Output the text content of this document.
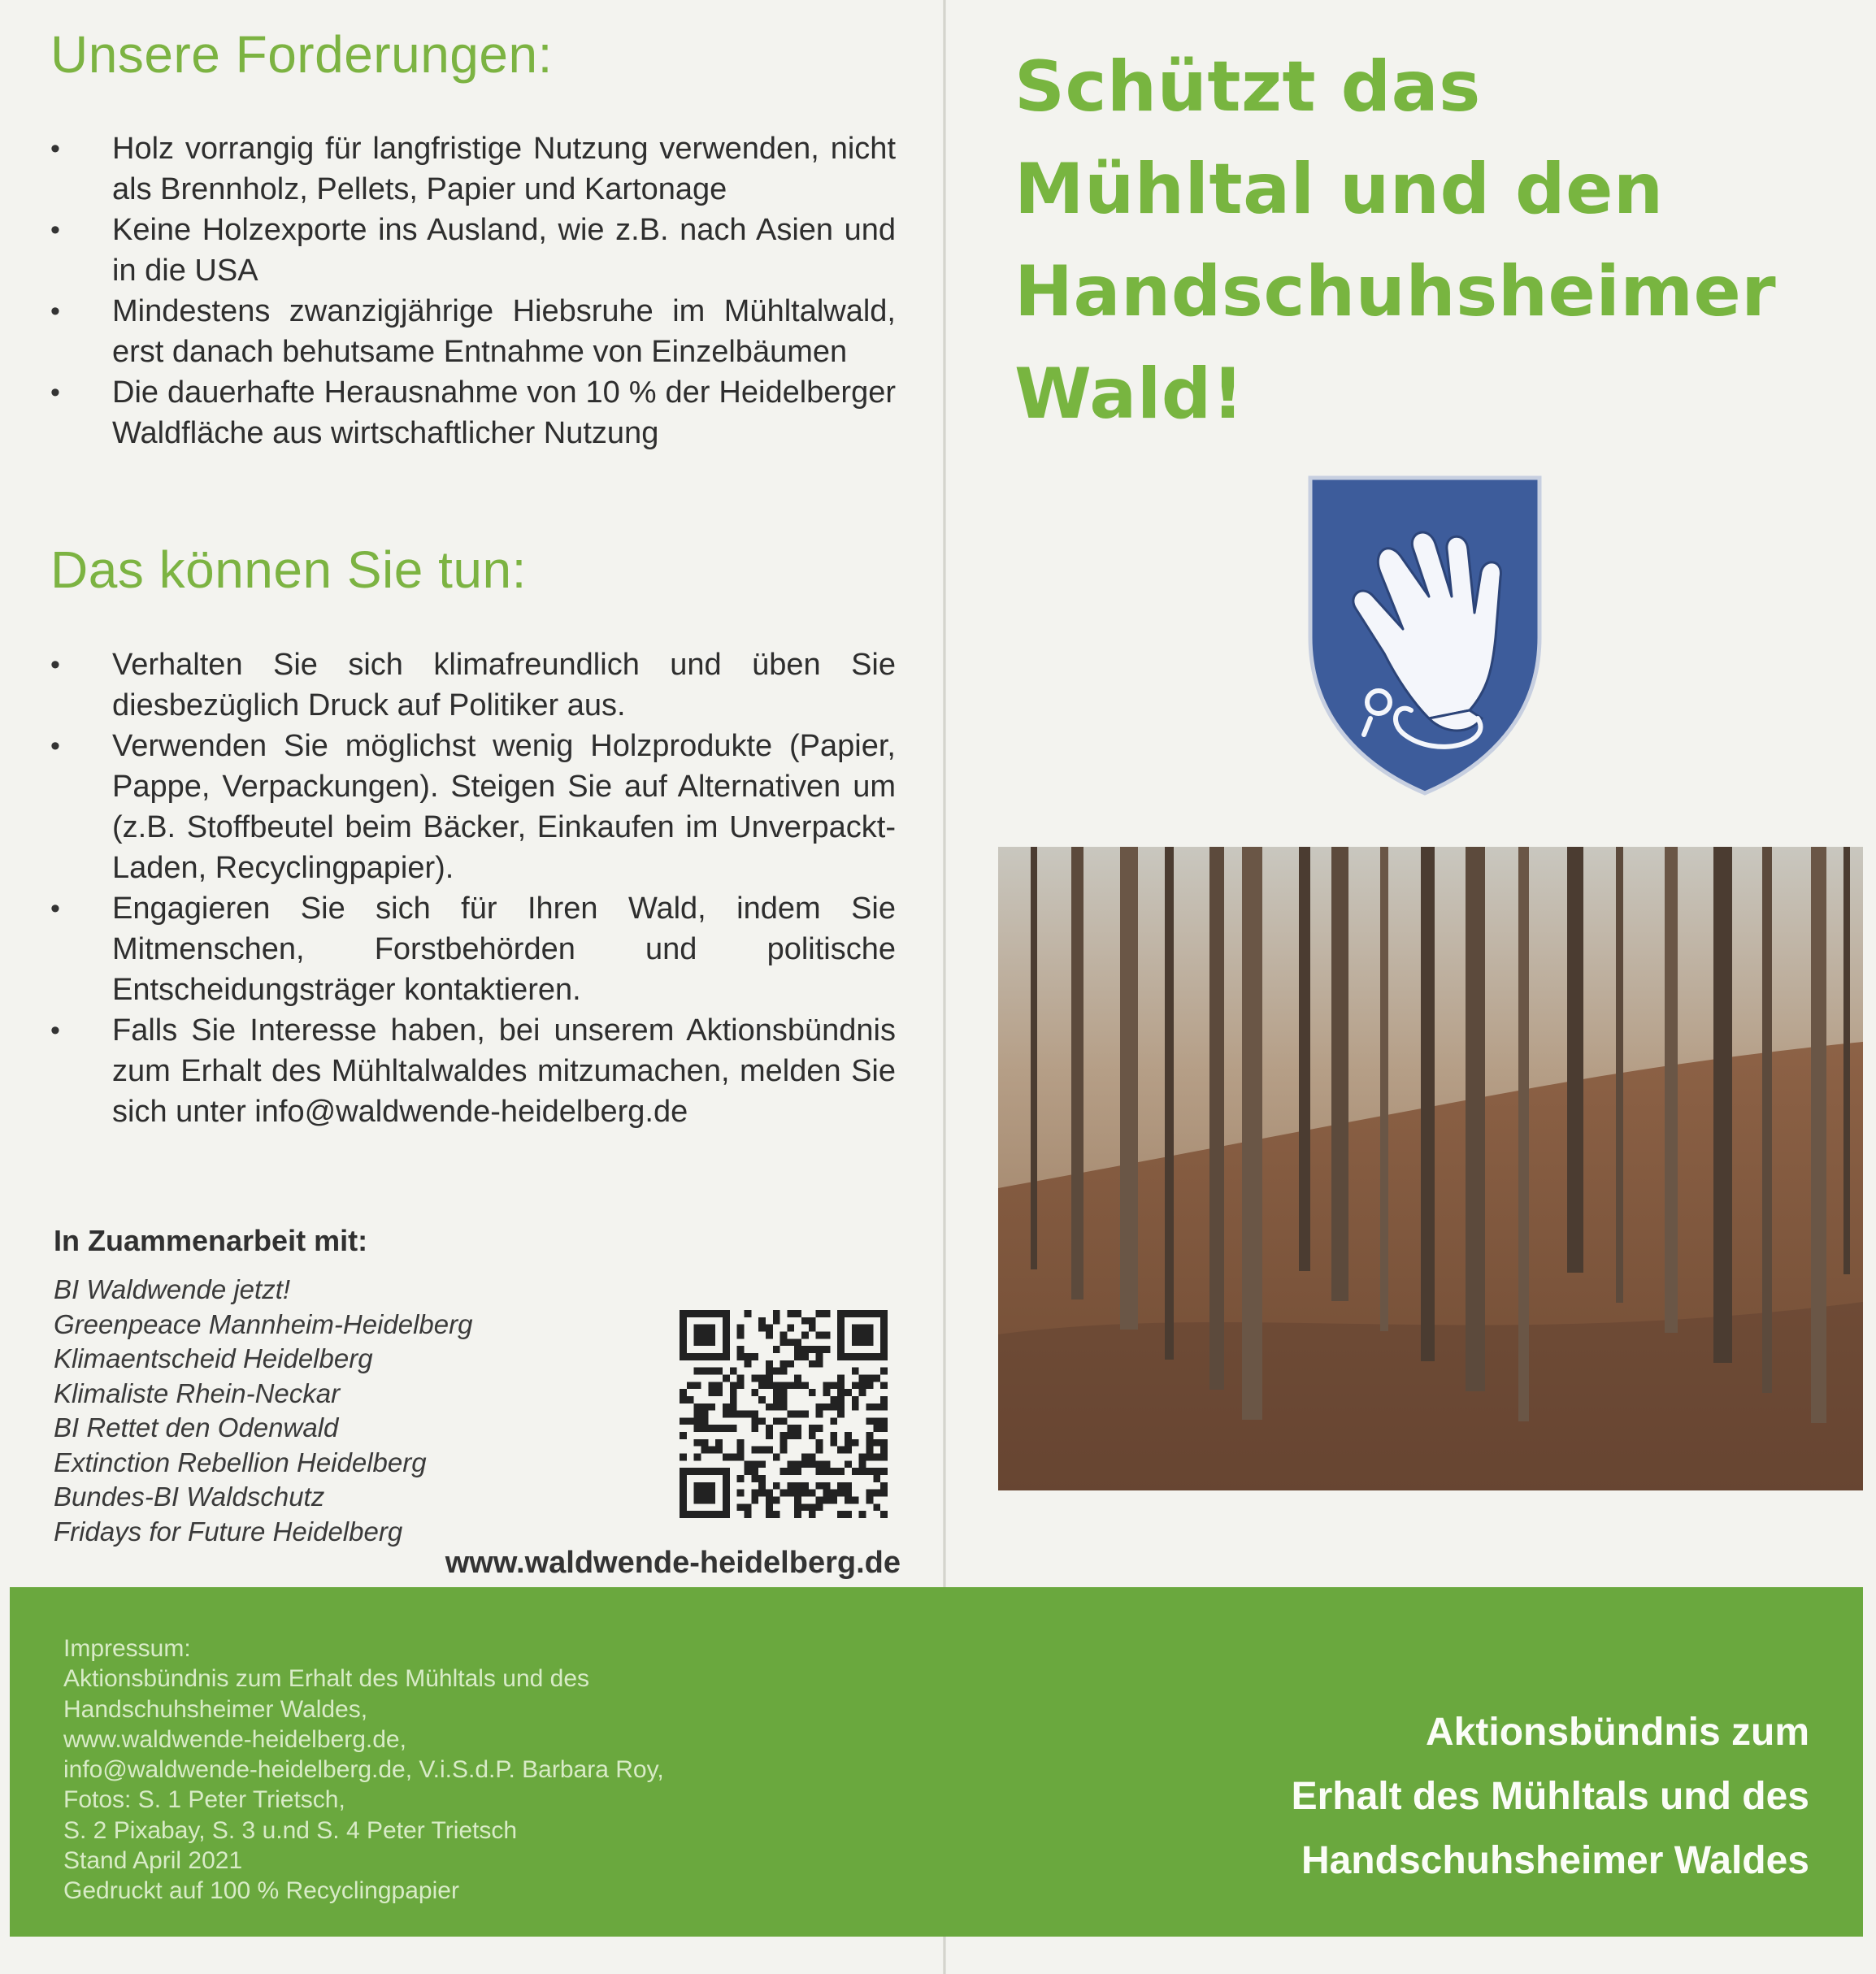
Unsere Forderungen:
• Holz vorrangig für langfristige Nutzung verwenden, nicht als Brennholz, Pellets, Papier und Kartonage
• Keine Holzexporte ins Ausland, wie z.B. nach Asien und in die USA
• Mindestens zwanzigjährige Hiebsruhe im Mühltalwald, erst danach behutsame Entnahme von Einzelbäumen
• Die dauerhafte Herausnahme von 10 % der Heidelberger Waldfläche aus wirtschaftlicher Nutzung
Das können Sie tun:
• Verhalten Sie sich klimafreundlich und üben Sie diesbezüglich Druck auf Politiker aus.
• Verwenden Sie möglichst wenig Holzprodukte (Papier, Pappe, Verpackungen). Steigen Sie auf Alternativen um (z.B. Stoffbeutel beim Bäcker, Einkaufen im Unverpackt-Laden, Recyclingpapier).
• Engagieren Sie sich für Ihren Wald, indem Sie Mitmenschen, Forstbehörden und politische Entscheidungsträger kontaktieren.
• Falls Sie Interesse haben, bei unserem Aktionsbündnis zum Erhalt des Mühltalwaldes mitzumachen, melden Sie sich unter info@waldwende-heidelberg.de
In Zuammenarbeit mit:
BI Waldwende jetzt!
Greenpeace Mannheim-Heidelberg
Klimaentscheid Heidelberg
Klimaliste Rhein-Neckar
BI Rettet den Odenwald
Extinction Rebellion Heidelberg
Bundes-BI Waldschutz
Fridays for Future Heidelberg
www.waldwende-heidelberg.de
Impressum:
Aktionsbündnis zum Erhalt des Mühltals und des
Handschuhsheimer Waldes,
www.waldwende-heidelberg.de,
info@waldwende-heidelberg.de, V.i.S.d.P. Barbara Roy,
Fotos: S. 1 Peter Trietsch,
S. 2 Pixabay, S. 3 u.nd S. 4 Peter Trietsch
Stand April 2021
Gedruckt auf 100 % Recyclingpapier
Aktionsbündnis zum
Erhalt des Mühltals und des
Handschuhsheimer Waldes
Schützt das
Mühltal und den
Handschuhsheimer
Wald!
